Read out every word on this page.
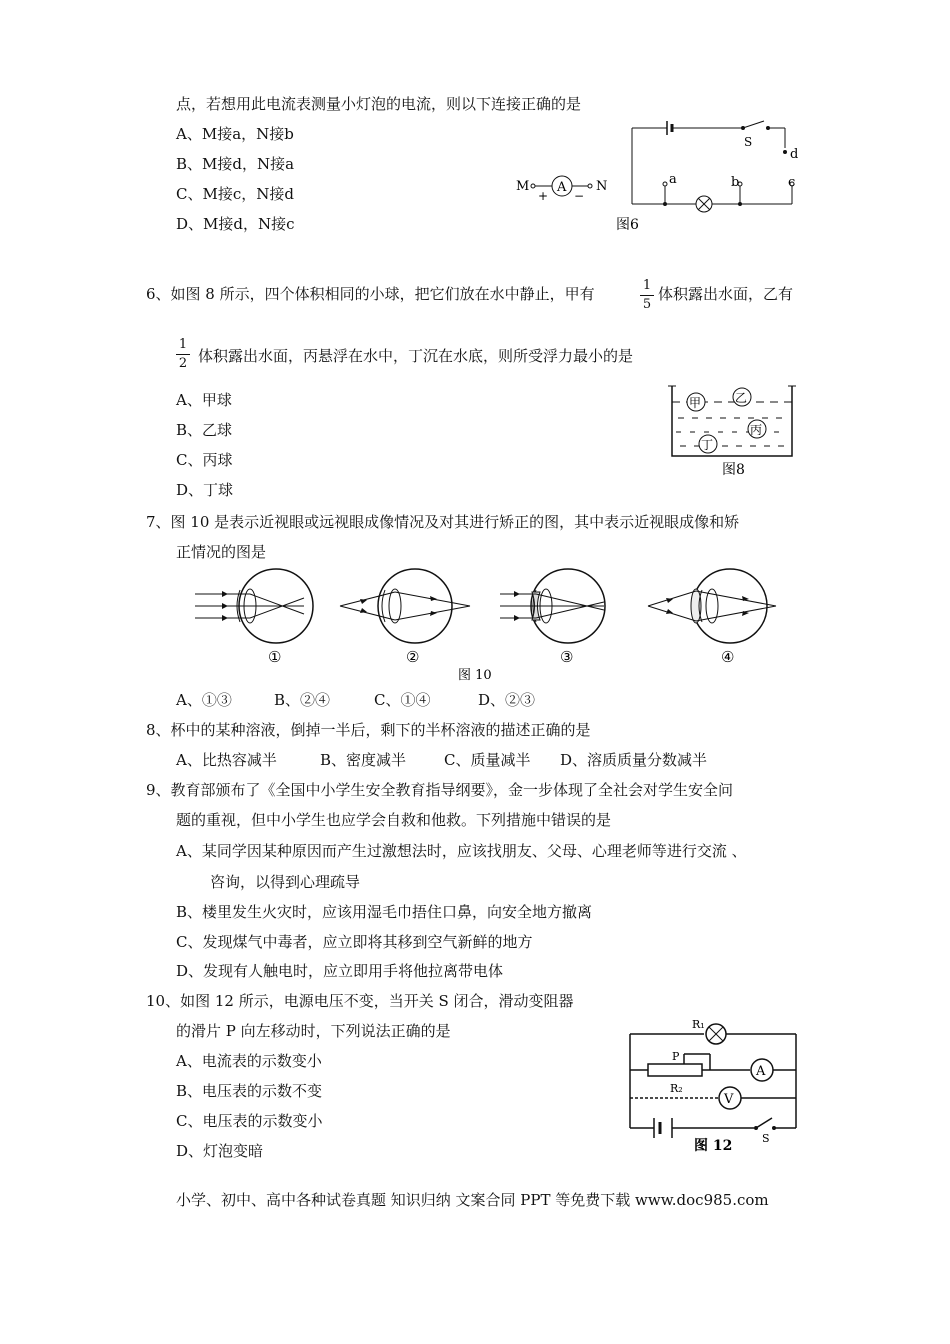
点，若想用此电流表测量小灯泡的电流，则以下连接正确的是
A、M接a，N接b
B、M接d，N接a
C、M接c，N接d
D、M接d，N接c
M A N
+ −
S
d
a	b	c
图6
6、如图 8 所示，四个体积相同的小球，把它们放在水中静止，甲有	1
5
体积露出水面，乙有
1
2 体积露出水面，丙悬浮在水中，丁沉在水底，则所受浮力最小的是
A、甲球
B、乙球
C、丙球
D、丁球
甲	乙
丙
丁
图8
7、图 10 是表示近视眼或远视眼成像情况及对其进行矫正的图，其中表示近视眼成像和矫
正情况的图是
①	②	③	④
图 10
A、①③	B、②④	C、①④	D、②③
8、杯中的某种溶液，倒掉一半后，剩下的半杯溶液的描述正确的是
A、比热容减半	B、密度减半	C、质量减半 D、溶质质量分数减半
9、教育部颁布了《全国中小学生安全教育指导纲要》，金一步体现了全社会对学生安全问
题的重视，但中小学生也应学会自救和他救。下列措施中错误的是
A、某同学因某种原因而产生过激想法时，应该找朋友、父母、心理老师等进行交流 、
咨询，以得到心理疏导
B、楼里发生火灾时，应该用湿毛巾捂住口鼻，向安全地方撤离
C、发现煤气中毒者，应立即将其移到空气新鲜的地方
D、发现有人触电时，应立即用手将他拉离带电体
10、如图 12 所示，电源电压不变，当开关 S 闭合，滑动变阻器
的滑片 P 向左移动时，下列说法正确的是
A、电流表的示数变小
B、电压表的示数不变
C、电压表的示数变小
D、灯泡变暗
R₁
P
R₂
A
V
S
图 12
小学、初中、高中各种试卷真题 知识归纳 文案合同 PPT 等免费下载 www.doc985.com
